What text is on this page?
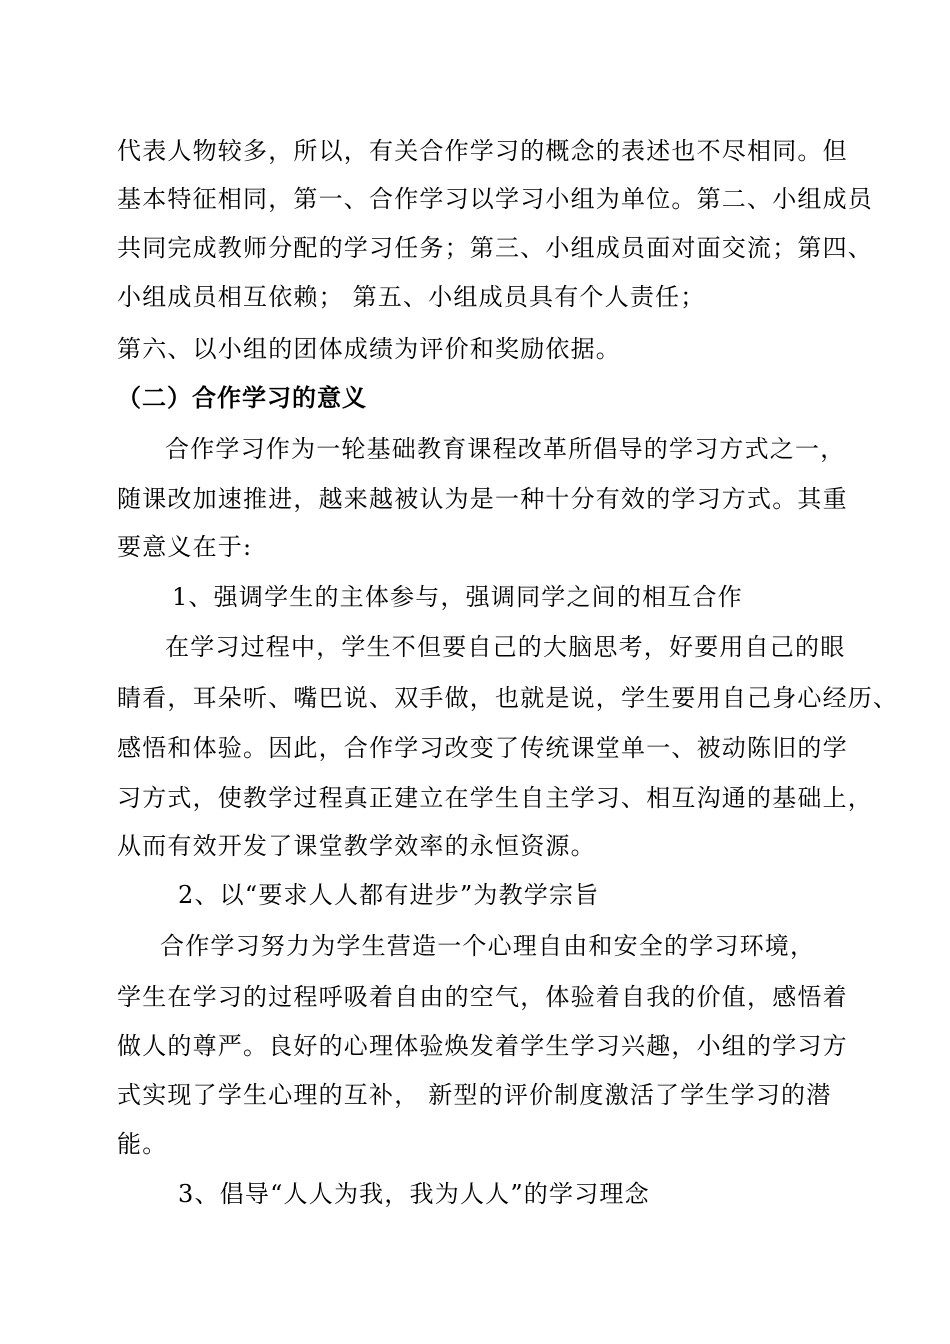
代表人物较多，所以，有关合作学习的概念的表述也不尽相同。但
基本特征相同，第一、合作学习以学习小组为单位。第二、小组成员
共同完成教师分配的学习任务；第三、小组成员面对面交流；第四、
小组成员相互依赖； 第五、小组成员具有个人责任；
第六、以小组的团体成绩为评价和奖励依据。
（二）合作学习的意义
合作学习作为一轮基础教育课程改革所倡导的学习方式之一，
随课改加速推进，越来越被认为是一种十分有效的学习方式。其重
要意义在于:
1、强调学生的主体参与，强调同学之间的相互合作
在学习过程中，学生不但要自己的大脑思考，好要用自己的眼
睛看，耳朵听、嘴巴说、双手做，也就是说，学生要用自己身心经历、
感悟和体验。因此，合作学习改变了传统课堂单一、被动陈旧的学
习方式，使教学过程真正建立在学生自主学习、相互沟通的基础上，
从而有效开发了课堂教学效率的永恒资源。
2、以“要求人人都有进步”为教学宗旨
合作学习努力为学生营造一个心理自由和安全的学习环境，
学生在学习的过程呼吸着自由的空气，体验着自我的价值，感悟着
做人的尊严。良好的心理体验焕发着学生学习兴趣，小组的学习方
式实现了学生心理的互补， 新型的评价制度激活了学生学习的潜
能。
3、倡导“人人为我，我为人人”的学习理念
